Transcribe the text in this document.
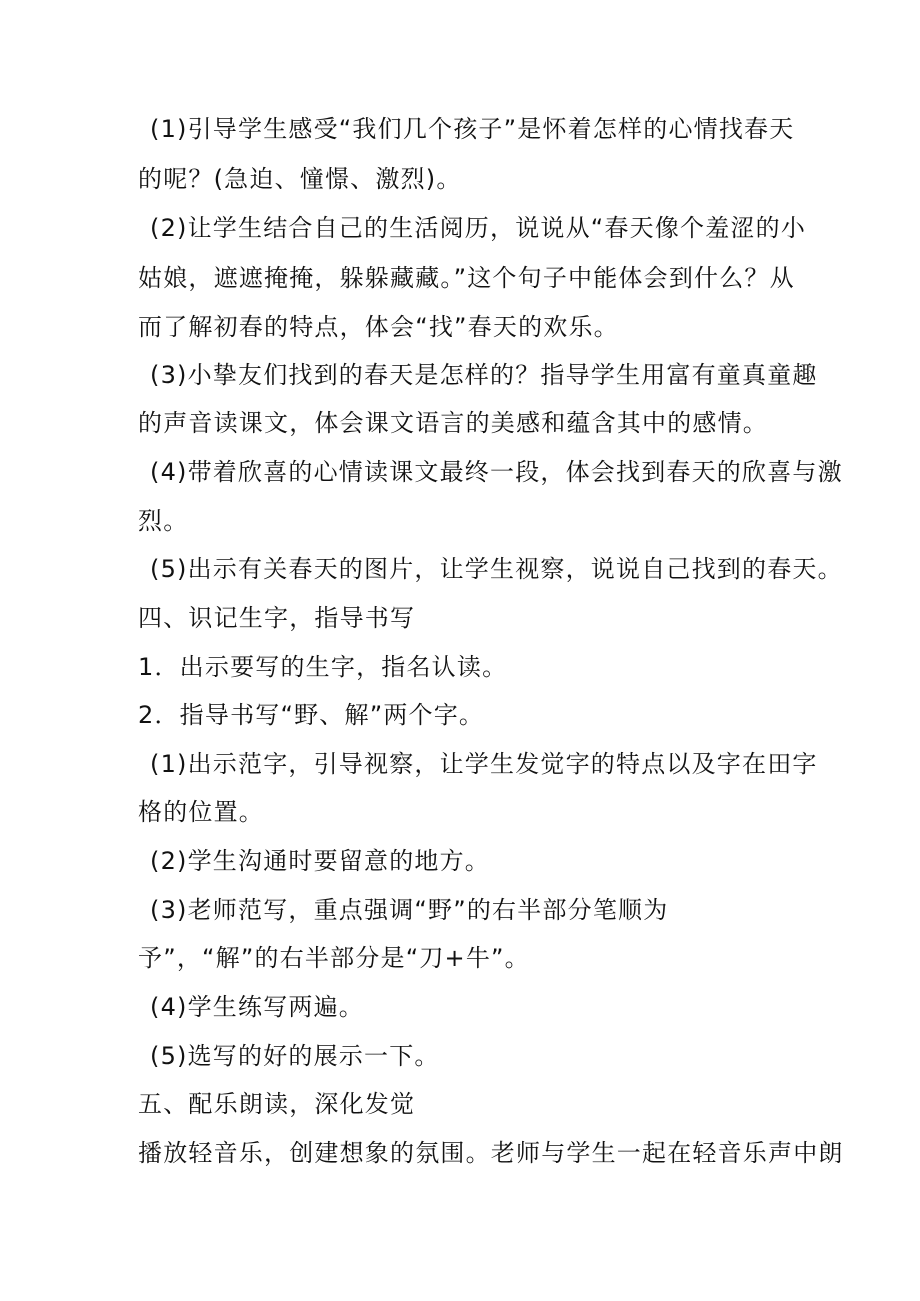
(1)引导学生感受“我们几个孩子”是怀着怎样的心情找春天
的呢？(急迫、憧憬、激烈)。
(2)让学生结合自己的生活阅历，说说从“春天像个羞涩的小
姑娘，遮遮掩掩，躲躲藏藏。”这个句子中能体会到什么？从
而了解初春的特点，体会“找”春天的欢乐。
(3)小挚友们找到的春天是怎样的？指导学生用富有童真童趣
的声音读课文，体会课文语言的美感和蕴含其中的感情。
(4)带着欣喜的心情读课文最终一段，体会找到春天的欣喜与激
烈。
(5)出示有关春天的图片，让学生视察，说说自己找到的春天。
四、识记生字，指导书写
1．出示要写的生字，指名认读。
2．指导书写“野、解”两个字。
(1)出示范字，引导视察，让学生发觉字的特点以及字在田字
格的位置。
(2)学生沟通时要留意的地方。
(3)老师范写，重点强调“野”的右半部分笔顺为
予”，“解”的右半部分是“刀+牛”。
(4)学生练写两遍。
(5)选写的好的展示一下。
五、配乐朗读，深化发觉
播放轻音乐，创建想象的氛围。老师与学生一起在轻音乐声中朗
